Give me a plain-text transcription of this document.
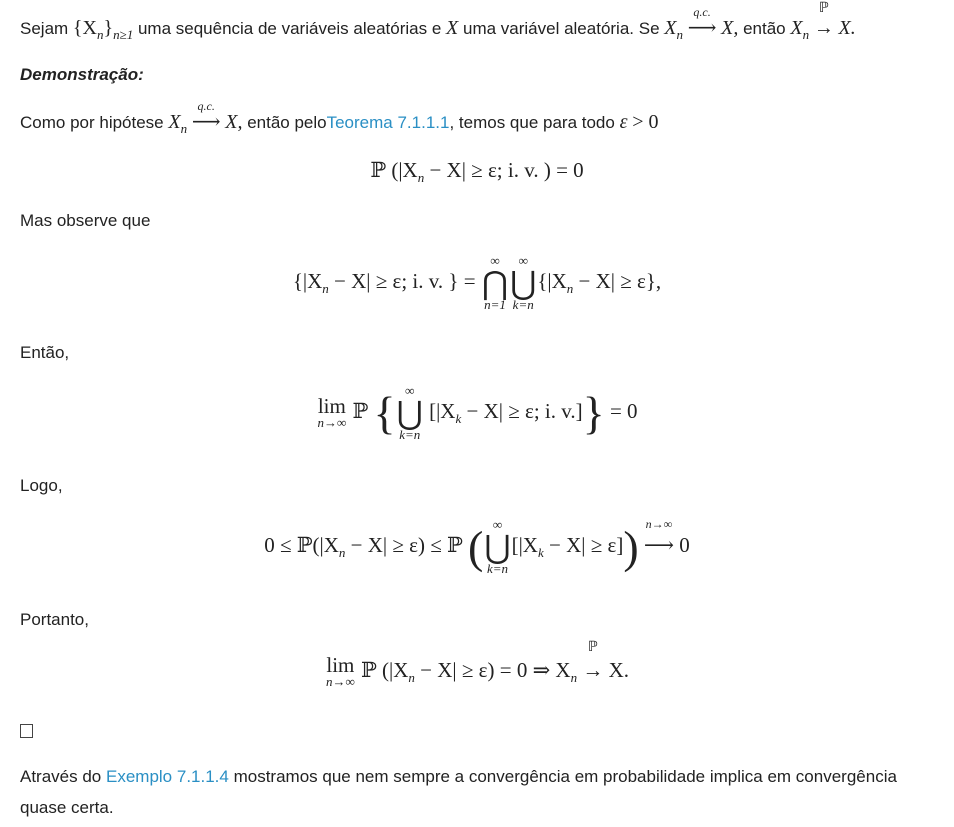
Sejam $\{X_n\}_{n\ge 1}$ uma sequência de variáveis aleatórias e X uma variável aleatória. Se $X_n$
q.c.
⟶ X, então $X_n$
ℙ
→ X.
Demonstração:
Como por hipótese $X_n$
q.c.
⟶ X, então peloTeorema 7.1.1.1, temos que para todo ε > 0
ℙ ($|X_n - X| \ge \varepsilon$; i. v. ) = 0
Mas observe que
{$|X_n - X| \ge \varepsilon$; i. v. } =
∞
⋂
n=1
∞
⋃
k=n
$\{|X_n - X| \ge \varepsilon\}$,
Então,
lim
n→∞ ℙ { ∞
⋃
k=n
[$|X_k - X| \ge \varepsilon$; i. v.]} = 0
Logo,
$0 \le ℙ(|X_n - X| \ge \varepsilon)$ ≤ ℙ ( ∞
⋃
k=n
$[|X_k - X| \ge \varepsilon]$) n→∞
⟶ 0
Portanto,
lim
n→∞ ℙ $(|X_n - X| \ge \varepsilon) = 0$ ⇒ $X_n$
ℙ
→ X.
Através do Exemplo 7.1.1.4 mostramos que nem sempre a convergência em probabilidade implica em convergência
quase certa.
